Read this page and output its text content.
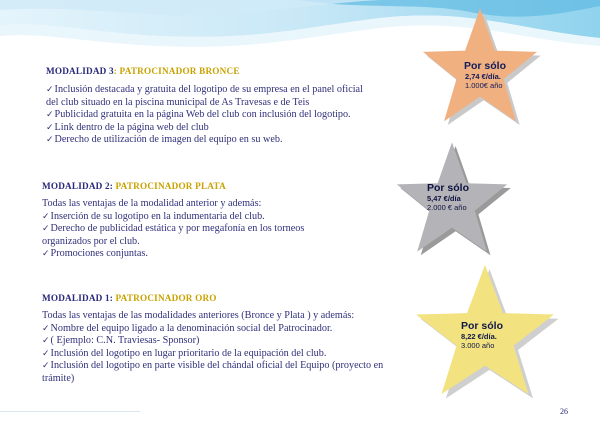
MODALIDAD 3: PATROCINADOR BRONCE
✓Inclusión destacada y gratuita del logotipo de su empresa en el panel oficial
del club situado en la piscina municipal de As Travesas e de Teis
✓Publicidad gratuita en la página Web del club con inclusión del logotipo.
✓Link dentro de la página web del club
✓Derecho de utilización de imagen del equipo en su web.
MODALIDAD 2: PATROCINADOR PLATA
Todas las ventajas de la modalidad anterior y además:
✓Inserción de su logotipo en la indumentaria del club.
✓Derecho de publicidad estática y por megafonía en los torneos
organizados por el club.
✓Promociones conjuntas.
MODALIDAD 1: PATROCINADOR ORO
Todas las ventajas de las modalidades anteriores (Bronce y Plata ) y además:
✓Nombre del equipo ligado a la denominación social del Patrocinador.
✓( Ejemplo: C.N. Traviesas- Sponsor)
✓Inclusión del logotipo en lugar prioritario de la equipación del club.
✓Inclusión del logotipo en parte visible del chándal oficial del Equipo (proyecto en
trámite)
Por sólo
2,74 €/día.
1.000€ año
Por sólo
5,47 €/día
2.000 € año
Por sólo
8,22 €/día.
3.000 año
26
